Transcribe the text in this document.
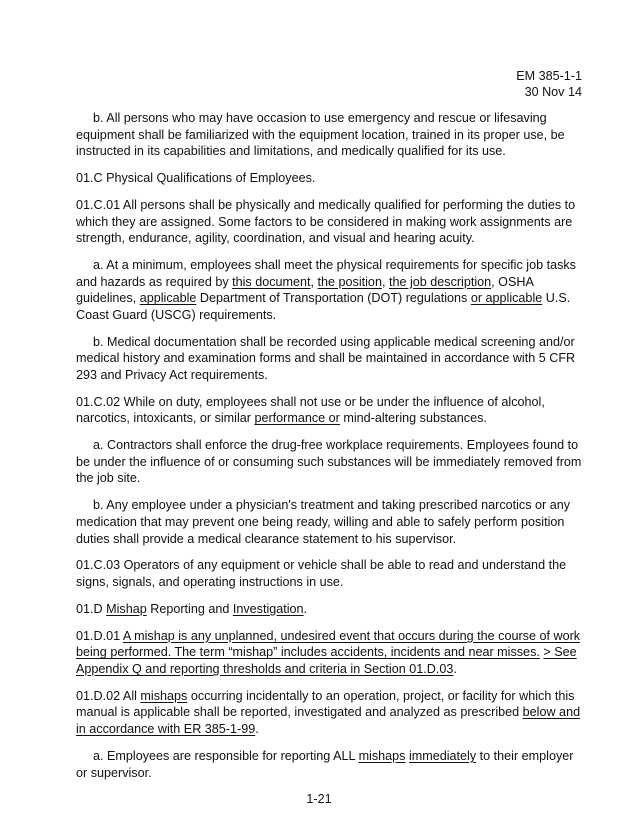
EM 385-1-1
30 Nov 14

b. All persons who may have occasion to use emergency and rescue or lifesaving equipment shall be familiarized with the equipment location, trained in its proper use, be instructed in its capabilities and limitations, and medically qualified for its use.

01.C Physical Qualifications of Employees.

01.C.01 All persons shall be physically and medically qualified for performing the duties to which they are assigned. Some factors to be considered in making work assignments are strength, endurance, agility, coordination, and visual and hearing acuity.

a. At a minimum, employees shall meet the physical requirements for specific job tasks and hazards as required by this document, the position, the job description, OSHA guidelines, applicable Department of Transportation (DOT) regulations or applicable U.S. Coast Guard (USCG) requirements.

b. Medical documentation shall be recorded using applicable medical screening and/or medical history and examination forms and shall be maintained in accordance with 5 CFR 293 and Privacy Act requirements.

01.C.02 While on duty, employees shall not use or be under the influence of alcohol, narcotics, intoxicants, or similar performance or mind-altering substances.

a. Contractors shall enforce the drug-free workplace requirements. Employees found to be under the influence of or consuming such substances will be immediately removed from the job site.

b. Any employee under a physician's treatment and taking prescribed narcotics or any medication that may prevent one being ready, willing and able to safely perform position duties shall provide a medical clearance statement to his supervisor.

01.C.03 Operators of any equipment or vehicle shall be able to read and understand the signs, signals, and operating instructions in use.

01.D Mishap Reporting and Investigation.

01.D.01 A mishap is any unplanned, undesired event that occurs during the course of work being performed. The term “mishap” includes accidents, incidents and near misses. > See Appendix Q and reporting thresholds and criteria in Section 01.D.03.

01.D.02 All mishaps occurring incidentally to an operation, project, or facility for which this manual is applicable shall be reported, investigated and analyzed as prescribed below and in accordance with ER 385-1-99.

a. Employees are responsible for reporting ALL mishaps immediately to their employer or supervisor.

1-21
